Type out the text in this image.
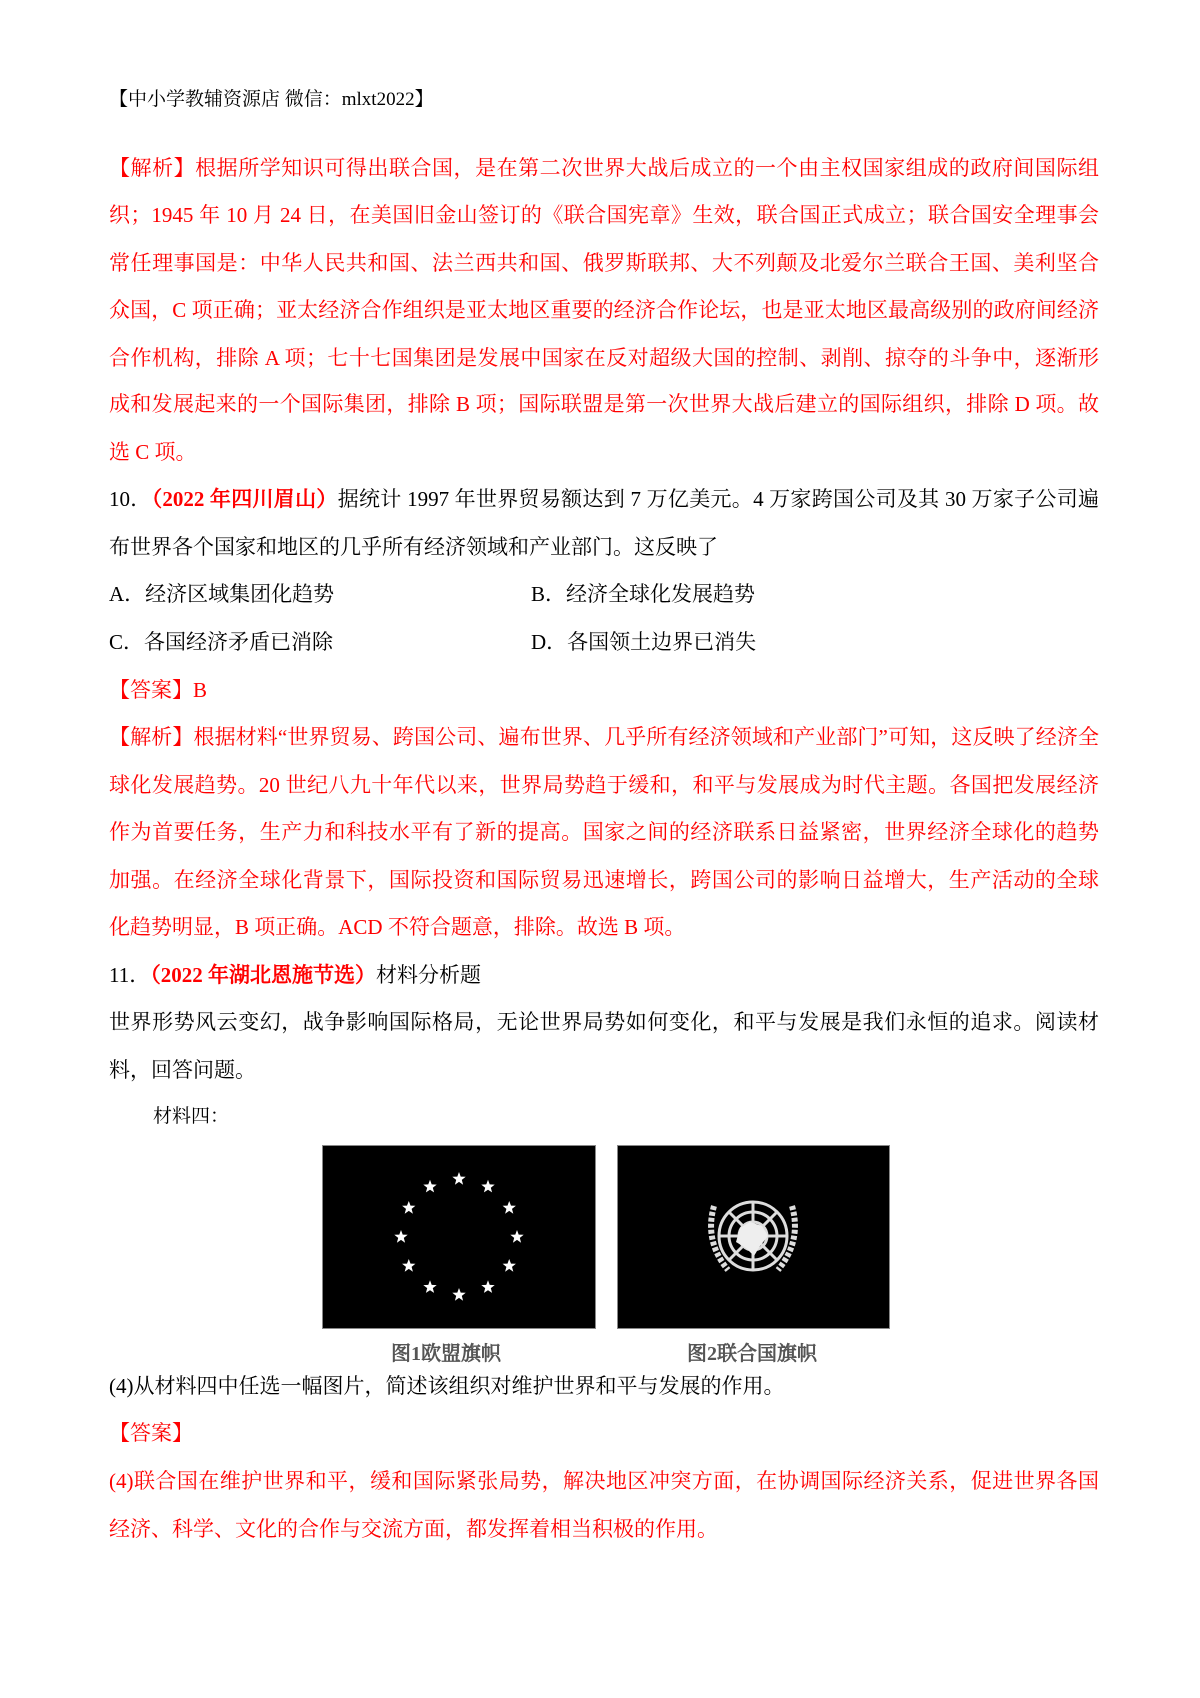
【中小学教辅资源店 微信：mlxt2022】
【解析】根据所学知识可得出联合国，是在第二次世界大战后成立的一个由主权国家组成的政府间国际组
织；1945 年 10 月 24 日，在美国旧金山签订的《联合国宪章》生效，联合国正式成立；联合国安全理事会
常任理事国是：中华人民共和国、法兰西共和国、俄罗斯联邦、大不列颠及北爱尔兰联合王国、美利坚合
众国，C 项正确；亚太经济合作组织是亚太地区重要的经济合作论坛，也是亚太地区最高级别的政府间经济
合作机构，排除 A 项；七十七国集团是发展中国家在反对超级大国的控制、剥削、掠夺的斗争中，逐渐形
成和发展起来的一个国际集团，排除 B 项；国际联盟是第一次世界大战后建立的国际组织，排除 D 项。故
选 C 项。
10．（2022 年四川眉山）据统计 1997 年世界贸易额达到 7 万亿美元。4 万家跨国公司及其 30 万家子公司遍
布世界各个国家和地区的几乎所有经济领域和产业部门。这反映了
A．经济区域集团化趋势	B．经济全球化发展趋势
C．各国经济矛盾已消除	D．各国领土边界已消失
【答案】B
【解析】根据材料“世界贸易、跨国公司、遍布世界、几乎所有经济领域和产业部门”可知，这反映了经济全
球化发展趋势。20 世纪八九十年代以来，世界局势趋于缓和，和平与发展成为时代主题。各国把发展经济
作为首要任务，生产力和科技水平有了新的提高。国家之间的经济联系日益紧密，世界经济全球化的趋势
加强。在经济全球化背景下，国际投资和国际贸易迅速增长，跨国公司的影响日益增大，生产活动的全球
化趋势明显，B 项正确。ACD 不符合题意，排除。故选 B 项。
11．（2022 年湖北恩施节选）材料分析题
世界形势风云变幻，战争影响国际格局，无论世界局势如何变化，和平与发展是我们永恒的追求。阅读材
料，回答问题。
材料四：
图1欧盟旗帜	图2联合国旗帜
(4)从材料四中任选一幅图片，简述该组织对维护世界和平与发展的作用。
【答案】
(4)联合国在维护世界和平，缓和国际紧张局势，解决地区冲突方面，在协调国际经济关系，促进世界各国
经济、科学、文化的合作与交流方面，都发挥着相当积极的作用。
